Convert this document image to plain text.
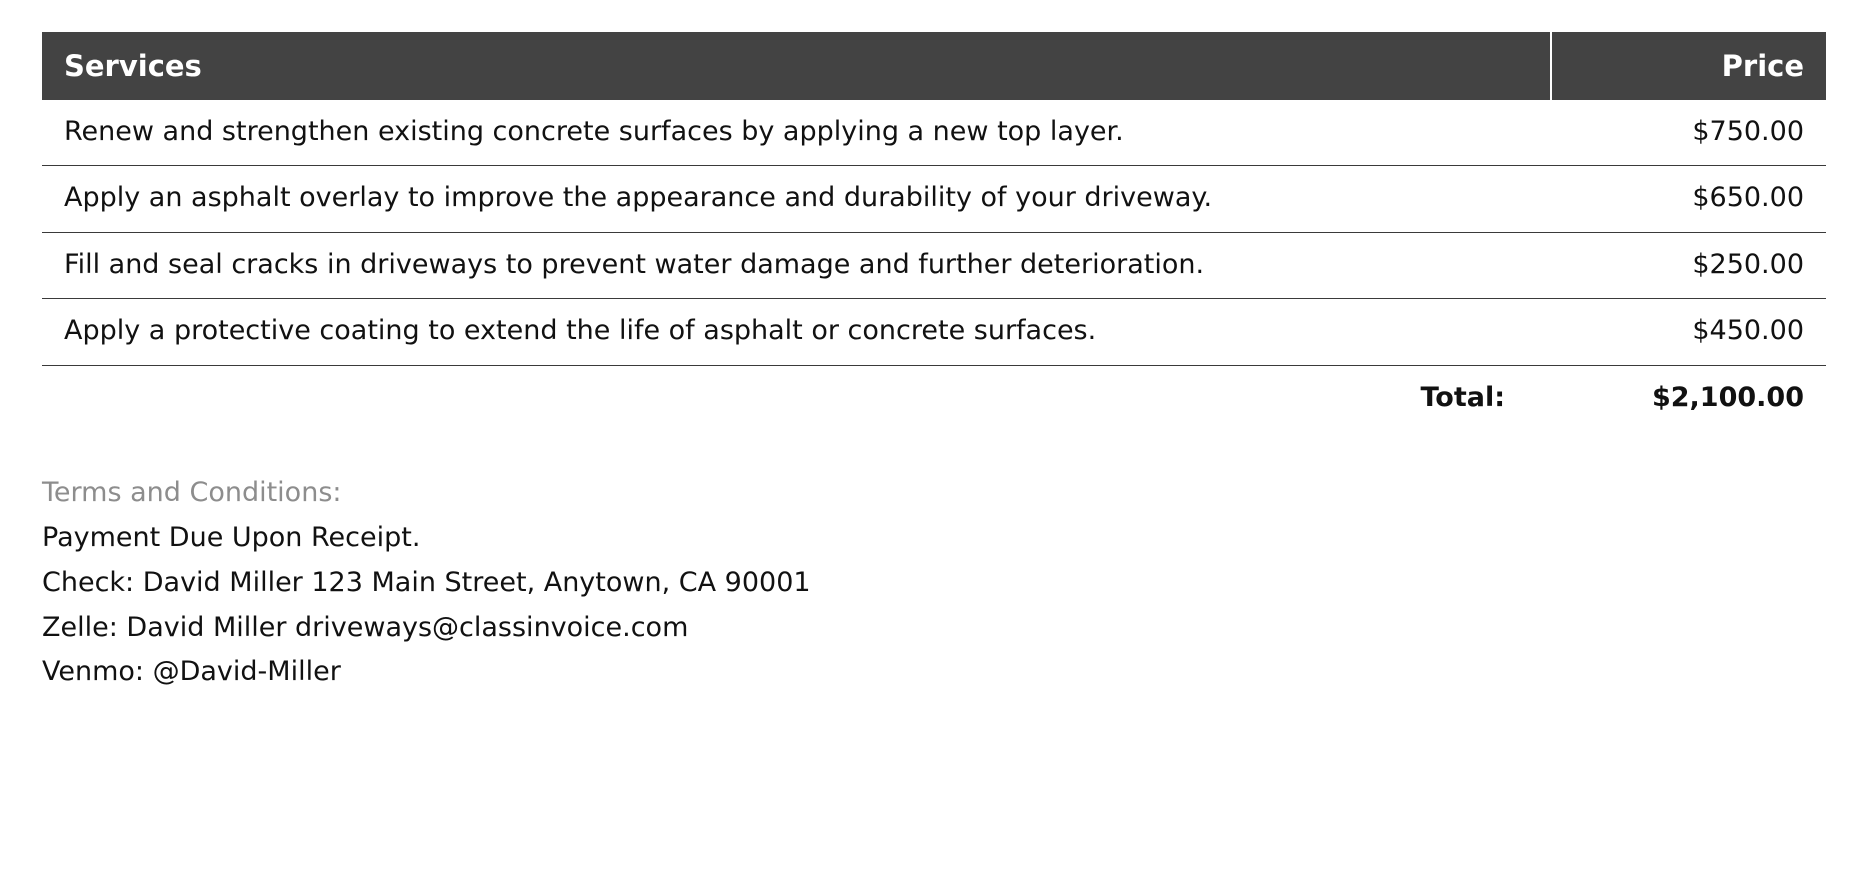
Services	Price
Renew and strengthen existing concrete surfaces by applying a new top layer.	$750.00
Apply an asphalt overlay to improve the appearance and durability of your driveway.	$650.00
Fill and seal cracks in driveways to prevent water damage and further deterioration.	$250.00
Apply a protective coating to extend the life of asphalt or concrete surfaces.	$450.00
Total:	$2,100.00
Terms and Conditions:
Payment Due Upon Receipt.
Check: David Miller 123 Main Street, Anytown, CA 90001
Zelle: David Miller driveways@classinvoice.com
Venmo: @David-Miller
